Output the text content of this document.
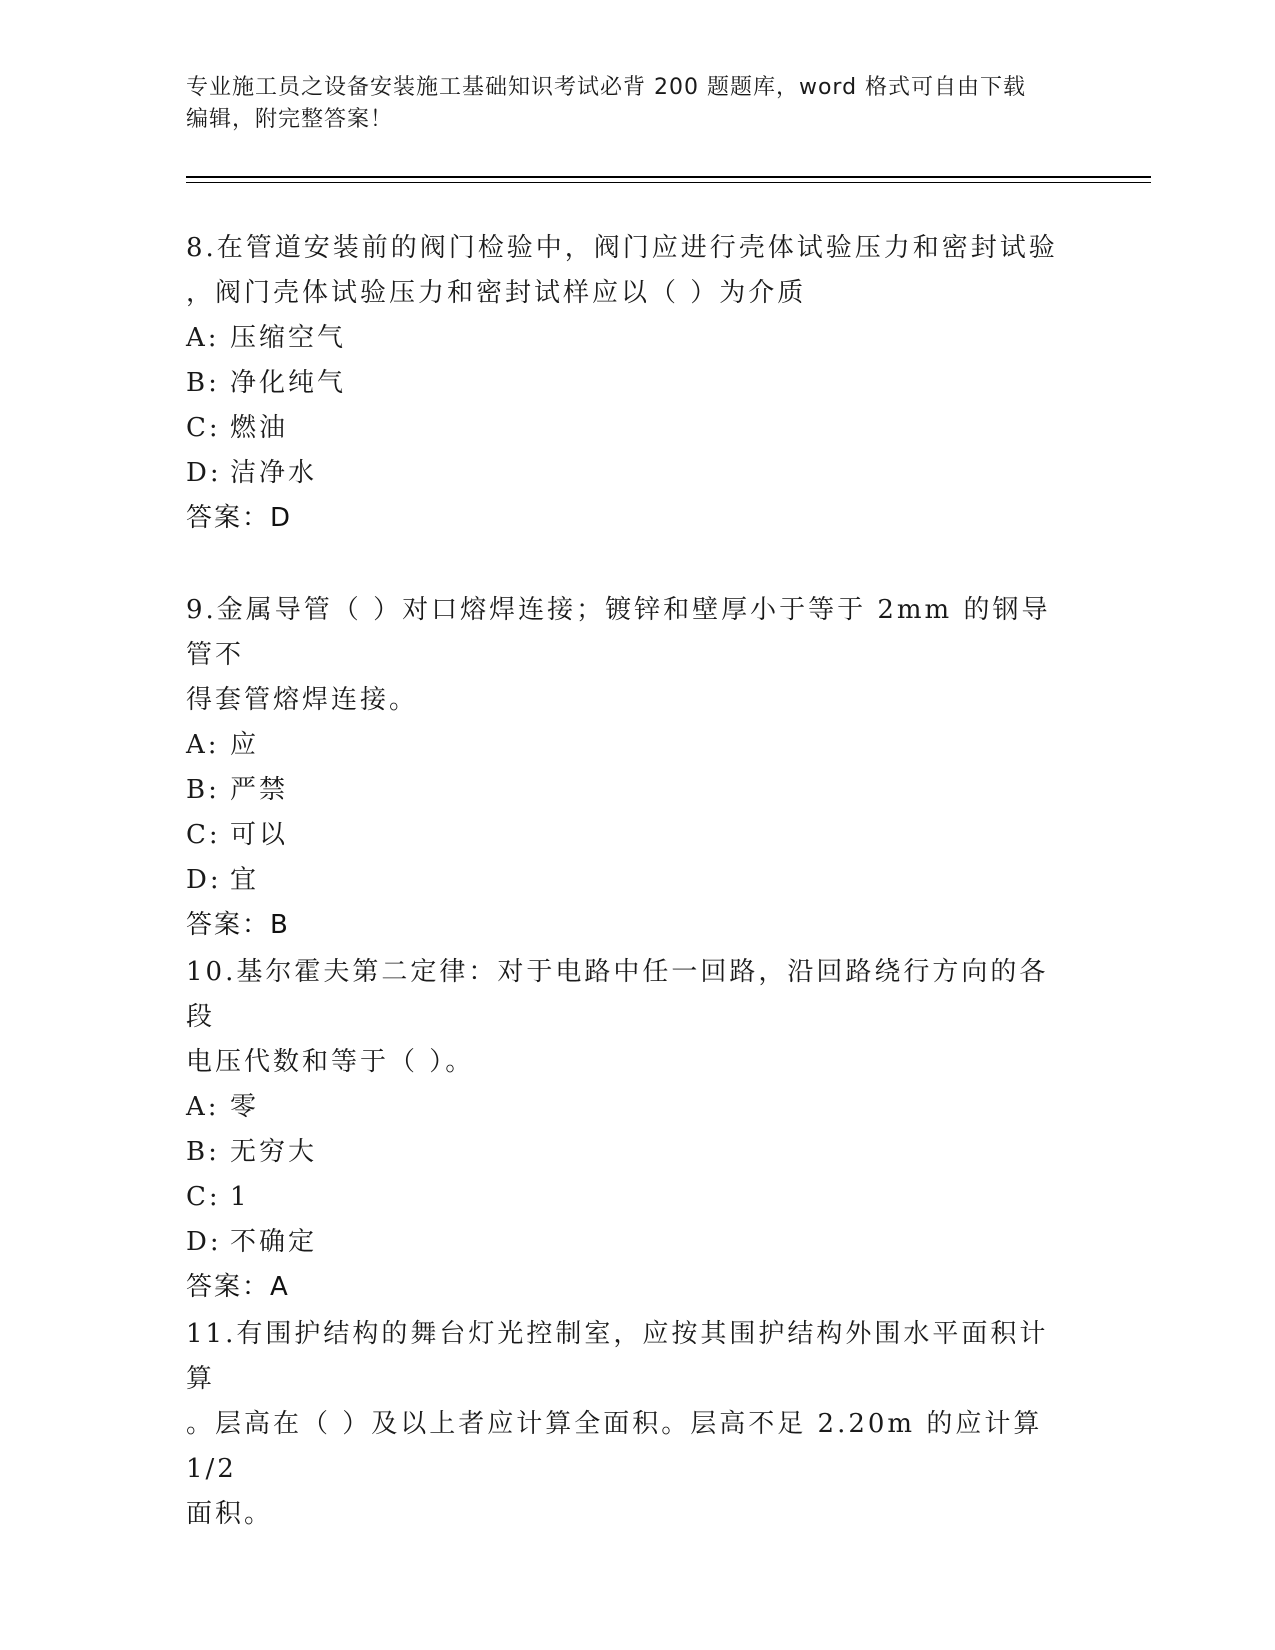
专业施工员之设备安装施工基础知识考试必背 200 题题库，word 格式可自由下载
编辑，附完整答案！
8.在管道安装前的阀门检验中，阀门应进行壳体试验压力和密封试验
，阀门壳体试验压力和密封试样应以（ ）为介质
A: 压缩空气
B: 净化纯气
C: 燃油
D: 洁净水
答案：D
9.金属导管（ ）对口熔焊连接；镀锌和壁厚小于等于 2mm 的钢导管不
得套管熔焊连接。
A: 应
B: 严禁
C: 可以
D: 宜
答案：B
10.基尔霍夫第二定律：对于电路中任一回路，沿回路绕行方向的各段
电压代数和等于（ ）。
A: 零
B: 无穷大
C: 1
D: 不确定
答案：A
11.有围护结构的舞台灯光控制室，应按其围护结构外围水平面积计算
。层高在（ ）及以上者应计算全面积。层高不足 2.20m 的应计算 1/2
面积。
